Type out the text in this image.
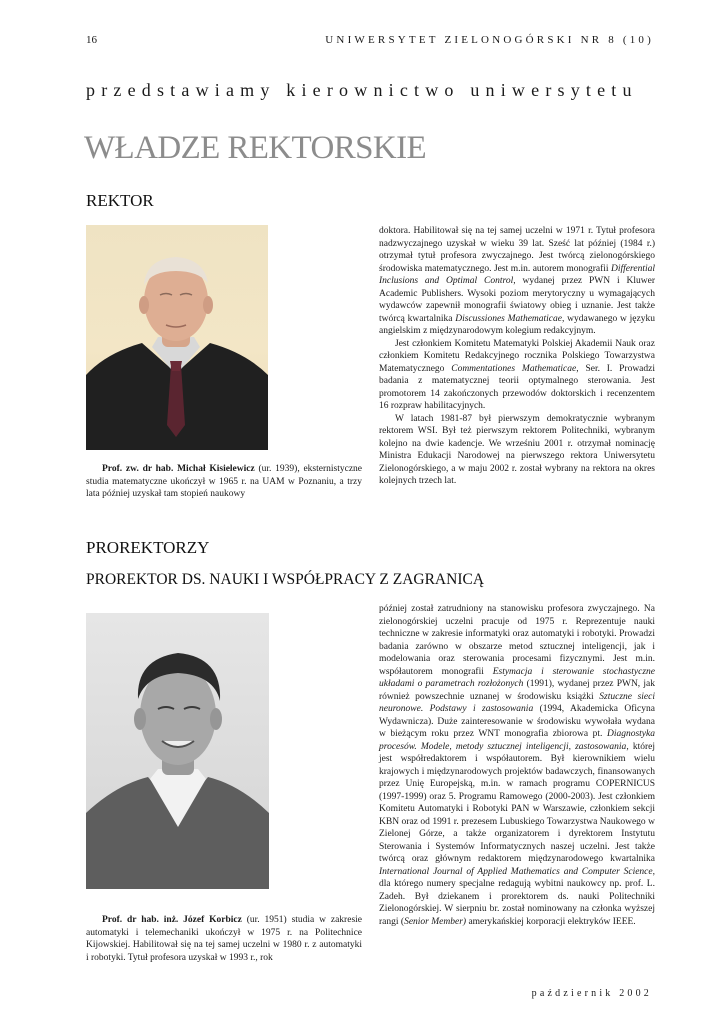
16	UNIWERSYTET ZIELONOGÓRSKI NR 8 (10)
przedstawiamy kierownictwo uniwersytetu
WŁADZE REKTORSKIE
REKTOR

Prof. zw. dr hab. Michał Kisielewicz (ur. 1939), eksternistyczne studia matematyczne ukończył w 1965 r. na UAM w Poznaniu, a trzy lata później uzyskał tam stopień naukowy

doktora. Habilitował się na tej samej uczelni w 1971 r. Tytuł profesora nadzwyczajnego uzyskał w wieku 39 lat. Sześć lat później (1984 r.) otrzymał tytuł profesora zwyczajnego. Jest twórcą zielonogórskiego środowiska matematycznego. Jest m.in. autorem monografii Differential Inclusions and Optimal Control, wydanej przez PWN i Kluwer Academic Publishers. Wysoki poziom merytoryczny u wymagających wydawców zapewnił monografii światowy obieg i uznanie. Jest także twórcą kwartalnika Discussiones Mathematicae, wydawanego w języku angielskim z międzynarodowym kolegium redakcyjnym.

Jest członkiem Komitetu Matematyki Polskiej Akademii Nauk oraz członkiem Komitetu Redakcyjnego rocznika Polskiego Towarzystwa Matematycznego Commentationes Mathematicae, Ser. I. Prowadzi badania z matematycznej teorii optymalnego sterowania. Jest promotorem 14 zakończonych przewodów doktorskich i recenzentem 16 rozpraw habilitacyjnych.

W latach 1981-87 był pierwszym demokratycznie wybranym rektorem WSI. Był też pierwszym rektorem Politechniki, wybranym kolejno na dwie kadencje. We wrześniu 2001 r. otrzymał nominację Ministra Edukacji Narodowej na pierwszego rektora Uniwersytetu Zielonogórskiego, a w maju 2002 r. został wybrany na rektora na okres kolejnych trzech lat.

PROREKTORZY
PROREKTOR DS. NAUKI I WSPÓŁPRACY Z ZAGRANICĄ

Prof. dr hab. inż. Józef Korbicz (ur. 1951) studia w zakresie automatyki i telemechaniki ukończył w 1975 r. na Politechnice Kijowskiej. Habilitował się na tej samej uczelni w 1980 r. z automatyki i robotyki. Tytuł profesora uzyskał w 1993 r., rok

później został zatrudniony na stanowisku profesora zwyczajnego. Na zielonogórskiej uczelni pracuje od 1975 r. Reprezentuje nauki techniczne w zakresie informatyki oraz automatyki i robotyki. Prowadzi badania zarówno w obszarze metod sztucznej inteligencji, jak i modelowania oraz sterowania procesami fizycznymi. Jest m.in. współautorem monografii Estymacja i sterowanie stochastyczne układami o parametrach rozłożonych (1991), wydanej przez PWN, jak również powszechnie uznanej w środowisku książki Sztuczne sieci neuronowe. Podstawy i zastosowania (1994, Akademicka Oficyna Wydawnicza). Duże zainteresowanie w środowisku wywołała wydana w bieżącym roku przez WNT monografia zbiorowa pt. Diagnostyka procesów. Modele, metody sztucznej inteligencji, zastosowania, której jest współredaktorem i współautorem. Był kierownikiem wielu krajowych i międzynarodowych projektów badawczych, finansowanych przez Unię Europejską, m.in. w ramach programu COPERNICUS (1997-1999) oraz 5. Programu Ramowego (2000-2003). Jest członkiem Komitetu Automatyki i Robotyki PAN w Warszawie, członkiem sekcji KBN oraz od 1991 r. prezesem Lubuskiego Towarzystwa Naukowego w Zielonej Górze, a także organizatorem i dyrektorem Instytutu Sterowania i Systemów Informatycznych naszej uczelni. Jest także twórcą oraz głównym redaktorem międzynarodowego kwartalnika International Journal of Applied Mathematics and Computer Science, dla którego numery specjalne redagują wybitni naukowcy np. prof. L. Zadeh. Był dziekanem i prorektorem ds. nauki Politechniki Zielonogórskiej. W sierpniu br. został nominowany na członka wyższej rangi (Senior Member) amerykańskiej korporacji elektryków IEEE.

październik 2002
